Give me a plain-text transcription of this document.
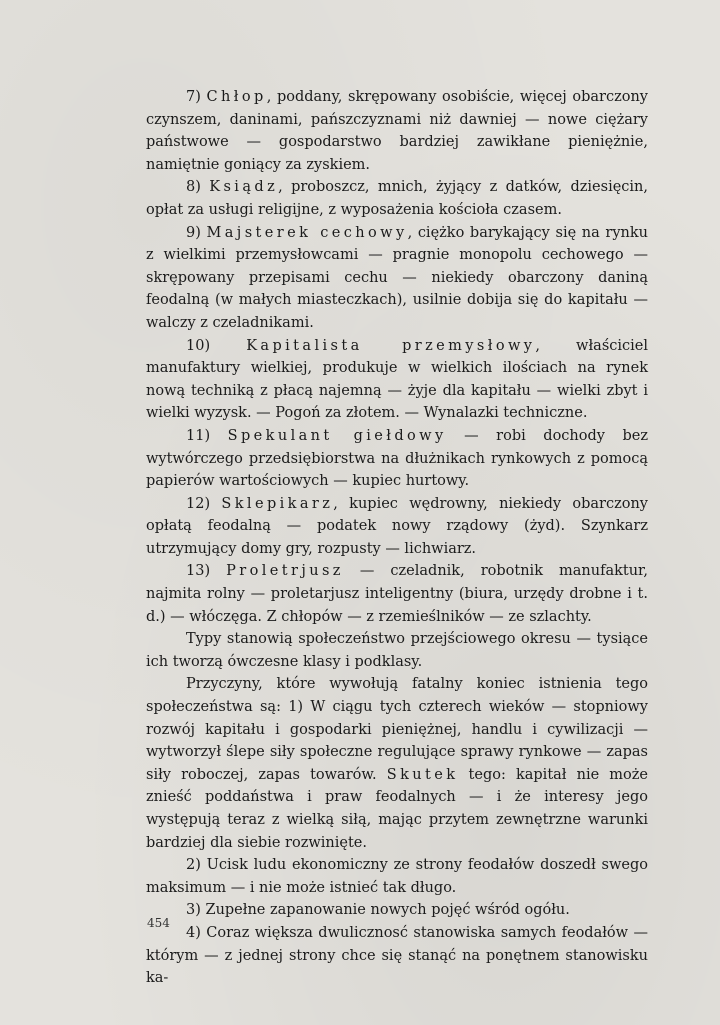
7) Chłop, poddany, skrępowany osobiście, więcej obarczony czynszem, daninami, pańszczyznami niż dawniej — nowe ciężary państwowe — gospodarstwo bardziej zawikłane pieniężnie, namiętnie goniący za zyskiem.

8) Ksiądz, proboszcz, mnich, żyjący z datków, dziesięcin, opłat za usługi religijne, z wyposażenia kościoła czasem.

9) Majsterek cechowy, ciężko barykający się na rynku z wielkimi przemysłowcami — pragnie monopolu cechowego — skrępowany przepisami cechu — niekiedy obarczony daniną feodalną (w małych miasteczkach), usilnie dobija się do kapitału — walczy z czeladnikami.

10) Kapitalista przemysłowy, właściciel manufaktury wielkiej, produkuje w wielkich ilościach na rynek nową techniką z płacą najemną — żyje dla kapitału — wielki zbyt i wielki wyzysk. — Pogoń za złotem. — Wynalazki techniczne.

11) Spekulant giełdowy — robi dochody bez wytwórczego przedsiębiorstwa na dłużnikach rynkowych z pomocą papierów wartościowych — kupiec hurtowy.

12) Sklepikarz, kupiec wędrowny, niekiedy obarczony opłatą feodalną — podatek nowy rządowy (żyd). Szynkarz utrzymujący domy gry, rozpusty — lichwiarz.

13) Proletrjusz — czeladnik, robotnik manufaktur, najmita rolny — proletarjusz inteligentny (biura, urzędy drobne i t. d.) — włóczęga. Z chłopów — z rzemieślników — ze szlachty.

Typy stanowią społeczeństwo przejściowego okresu — tysiące ich tworzą ówczesne klasy i podklasy.

Przyczyny, które wywołują fatalny koniec istnienia tego społeczeństwa są: 1) W ciągu tych czterech wieków — stopniowy rozwój kapitału i gospodarki pieniężnej, handlu i cywilizacji — wytworzył ślepe siły społeczne regulujące sprawy rynkowe — zapas siły roboczej, zapas towarów. Skutek tego: kapitał nie może znieść poddaństwa i praw feodalnych — i że interesy jego występują teraz z wielką siłą, mając przytem zewnętrzne warunki bardziej dla siebie rozwinięte.

2) Ucisk ludu ekonomiczny ze strony feodałów doszedł swego maksimum — i nie może istnieć tak długo.

3) Zupełne zapanowanie nowych pojęć wśród ogółu.

4) Coraz większa dwulicznosć stanowiska samych feodałów — którym — z jednej strony chce się stanąć na ponętnem stanowisku ka-

454
